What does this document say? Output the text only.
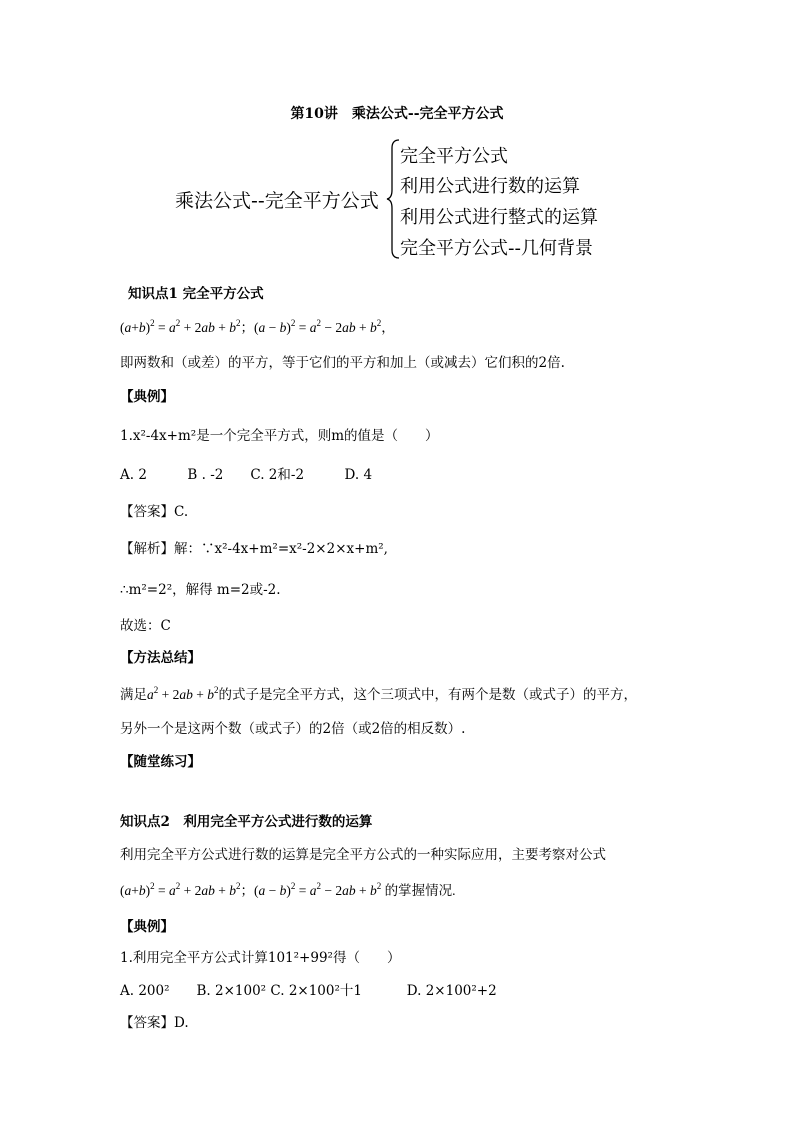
第10讲　乘法公式--完全平方公式
乘法公式--完全平方公式
完全平方公式
利用公式进行数的运算
利用公式进行整式的运算
完全平方公式--几何背景
知识点1 完全平方公式
$(a+b)^2 = a^2 + 2ab + b^2$；$(a - b)^2 = a^2 - 2ab + b^2$，
即两数和（或差）的平方，等于它们的平方和加上（或减去）它们积的2倍.
【典例】
1.x²-4x+m²是一个完全平方式，则m的值是（　　）
A. 2　　　B . -2　　C. 2和-2　　　D. 4
【答案】C.
【解析】解：∵x²-4x+m²=x²-2×2×x+m²,
∴m²=2²，解得 m=2或-2.
故选：C
【方法总结】
满足$a^2 + 2ab + b^2$的式子是完全平方式，这个三项式中，有两个是数（或式子）的平方，
另外一个是这两个数（或式子）的2倍（或2倍的相反数）.
【随堂练习】
知识点2　利用完全平方公式进行数的运算
利用完全平方公式进行数的运算是完全平方公式的一种实际应用，主要考察对公式
$(a+b)^2 = a^2 + 2ab + b^2$；$(a - b)^2 = a^2 - 2ab + b^2$ 的掌握情况.
【典例】
1.利用完全平方公式计算101²+99²得（　　）
A. 200²　　B. 2×100² C. 2×100²十1　　　 D. 2×100²+2
【答案】D.
